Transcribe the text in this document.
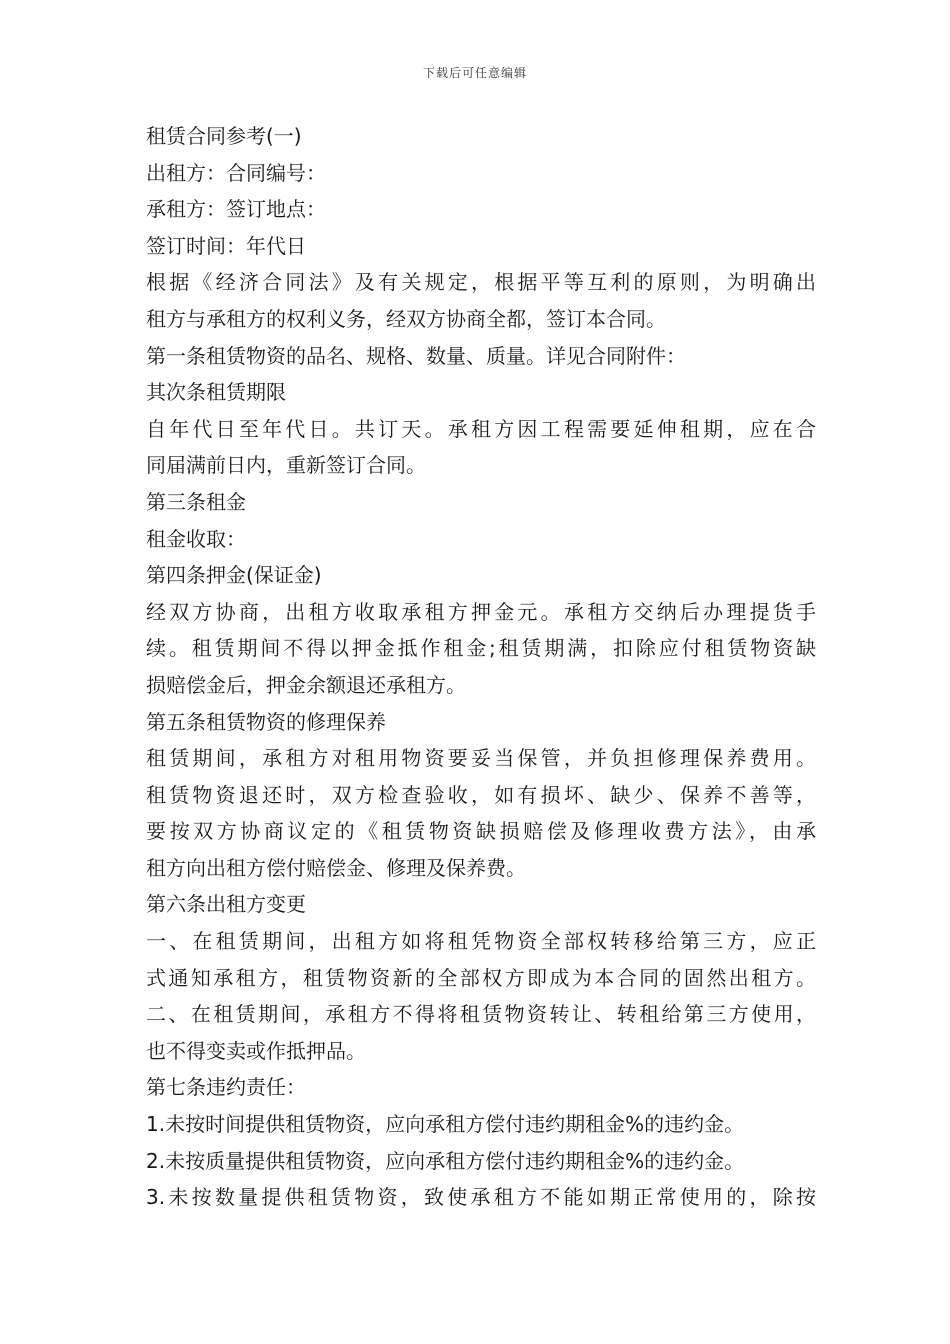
下载后可任意编辑
租赁合同参考(一)
出租方：合同编号：
承租方：签订地点：
签订时间：年代日
根据《经济合同法》及有关规定，根据平等互利的原则，为明确出
租方与承租方的权利义务，经双方协商全都，签订本合同。
第一条租赁物资的品名、规格、数量、质量。详见合同附件：
其次条租赁期限
自年代日至年代日。共订天。承租方因工程需要延伸租期，应在合
同届满前日内，重新签订合同。
第三条租金
租金收取：
第四条押金(保证金)
经双方协商，出租方收取承租方押金元。承租方交纳后办理提货手
续。租赁期间不得以押金抵作租金;租赁期满，扣除应付租赁物资缺
损赔偿金后，押金余额退还承租方。
第五条租赁物资的修理保养
租赁期间，承租方对租用物资要妥当保管，并负担修理保养费用。
租赁物资退还时，双方检查验收，如有损坏、缺少、保养不善等，
要按双方协商议定的《租赁物资缺损赔偿及修理收费方法》，由承
租方向出租方偿付赔偿金、修理及保养费。
第六条出租方变更
一、在租赁期间，出租方如将租凭物资全部权转移给第三方，应正
式通知承租方，租赁物资新的全部权方即成为本合同的固然出租方。
二、在租赁期间，承租方不得将租赁物资转让、转租给第三方使用，
也不得变卖或作抵押品。
第七条违约责任：
1.未按时间提供租赁物资，应向承租方偿付违约期租金%的违约金。
2.未按质量提供租赁物资，应向承租方偿付违约期租金%的违约金。
3.未按数量提供租赁物资，致使承租方不能如期正常使用的，除按
